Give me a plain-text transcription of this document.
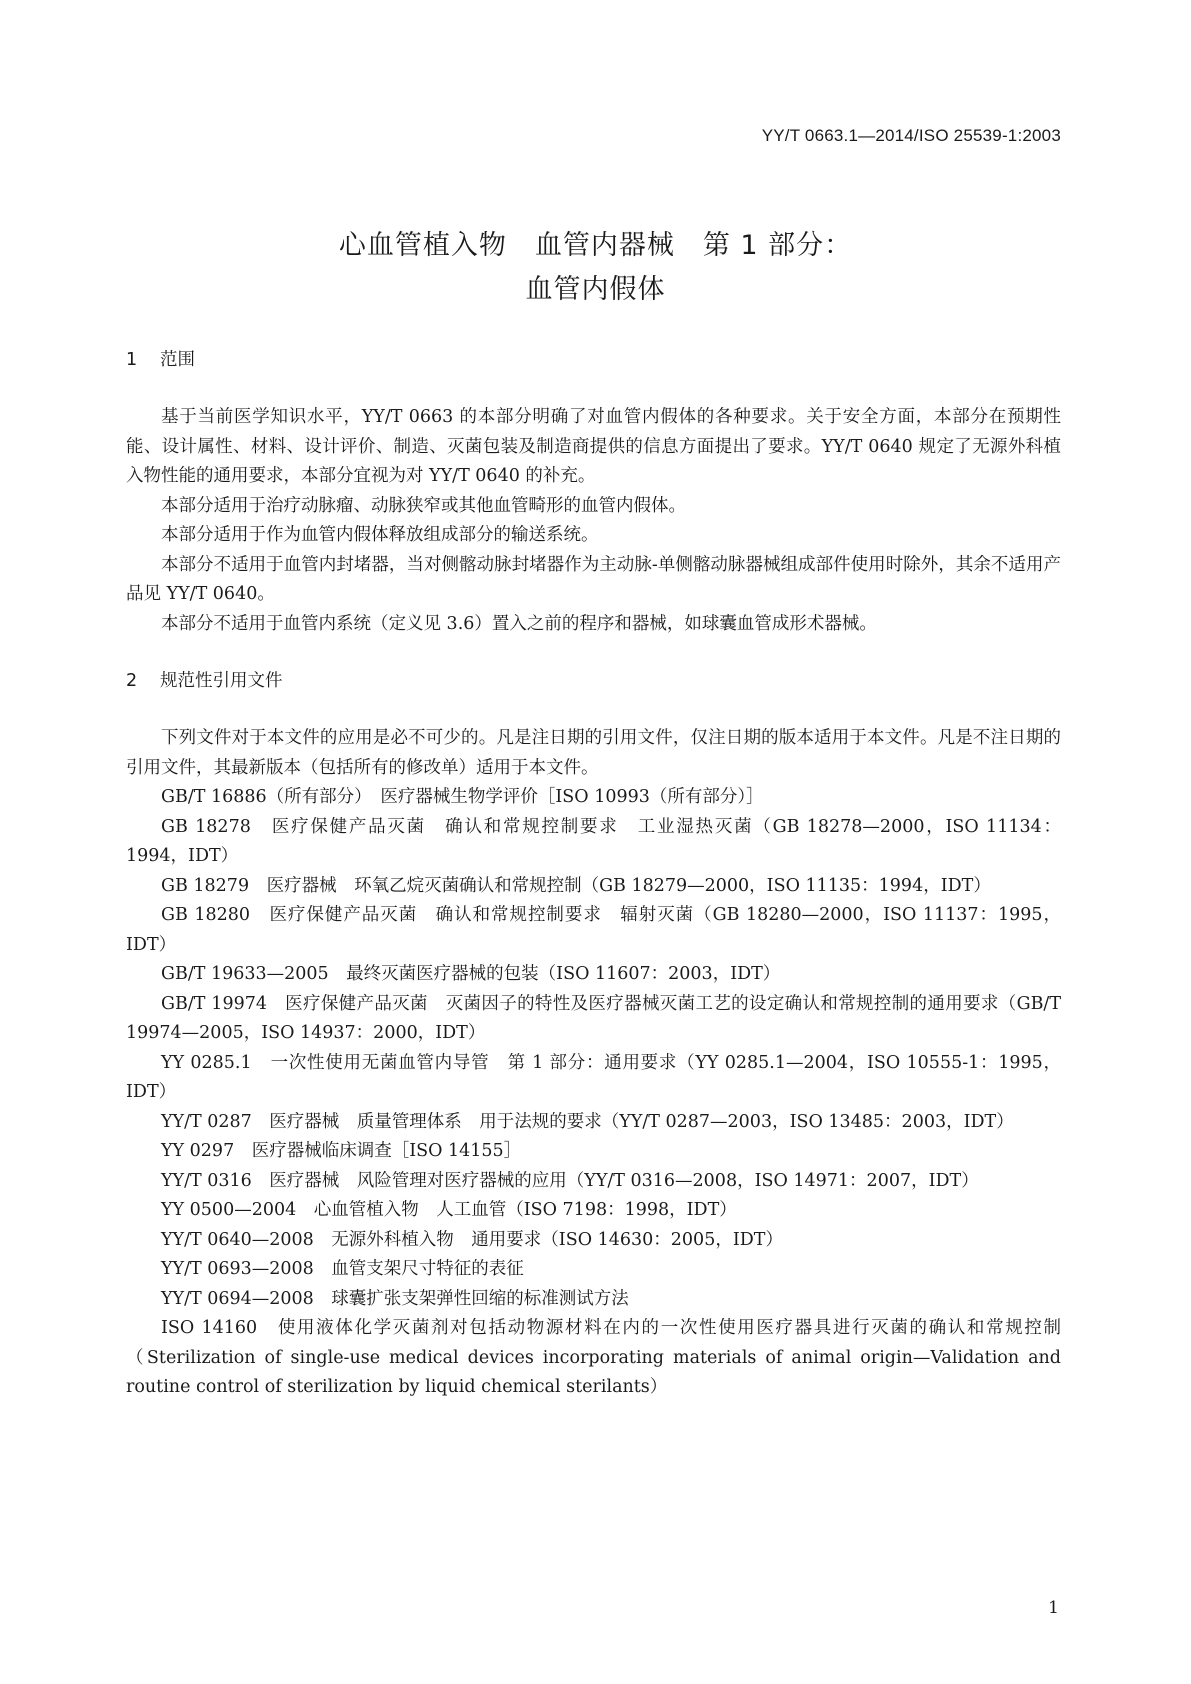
YY/T 0663.1—2014/ISO 25539-1:2003
心血管植入物　血管内器械　第 1 部分：
血管内假体
1 范围

基于当前医学知识水平，YY/T 0663 的本部分明确了对血管内假体的各种要求。关于安全方面，本部分在预期性能、设计属性、材料、设计评价、制造、灭菌包装及制造商提供的信息方面提出了要求。YY/T 0640 规定了无源外科植入物性能的通用要求，本部分宜视为对 YY/T 0640 的补充。

本部分适用于治疗动脉瘤、动脉狭窄或其他血管畸形的血管内假体。

本部分适用于作为血管内假体释放组成部分的输送系统。

本部分不适用于血管内封堵器，当对侧髂动脉封堵器作为主动脉-单侧髂动脉器械组成部件使用时除外，其余不适用产品见 YY/T 0640。

本部分不适用于血管内系统（定义见 3.6）置入之前的程序和器械，如球囊血管成形术器械。

2 规范性引用文件

下列文件对于本文件的应用是必不可少的。凡是注日期的引用文件，仅注日期的版本适用于本文件。凡是不注日期的引用文件，其最新版本（包括所有的修改单）适用于本文件。

GB/T 16886（所有部分）　医疗器械生物学评价［ISO 10993（所有部分）］

GB 18278　医疗保健产品灭菌　确认和常规控制要求　工业湿热灭菌（GB 18278—2000，ISO 11134：1994，IDT）

GB 18279　医疗器械　环氧乙烷灭菌确认和常规控制（GB 18279—2000，ISO 11135：1994，IDT）

GB 18280　医疗保健产品灭菌　确认和常规控制要求　辐射灭菌（GB 18280—2000，ISO 11137：1995，IDT）

GB/T 19633—2005　最终灭菌医疗器械的包装（ISO 11607：2003，IDT）

GB/T 19974　医疗保健产品灭菌　灭菌因子的特性及医疗器械灭菌工艺的设定确认和常规控制的通用要求（GB/T 19974—2005，ISO 14937：2000，IDT）

YY 0285.1　一次性使用无菌血管内导管　第 1 部分：通用要求（YY 0285.1—2004，ISO 10555-1：1995，IDT）

YY/T 0287　医疗器械　质量管理体系　用于法规的要求（YY/T 0287—2003，ISO 13485：2003，IDT）

YY 0297　医疗器械临床调查［ISO 14155］

YY/T 0316　医疗器械　风险管理对医疗器械的应用（YY/T 0316—2008，ISO 14971：2007，IDT）

YY 0500—2004　心血管植入物　人工血管（ISO 7198：1998，IDT）

YY/T 0640—2008　无源外科植入物　通用要求（ISO 14630：2005，IDT）

YY/T 0693—2008　血管支架尺寸特征的表征

YY/T 0694—2008　球囊扩张支架弹性回缩的标准测试方法

ISO 14160　使用液体化学灭菌剂对包括动物源材料在内的一次性使用医疗器具进行灭菌的确认和常规控制（Sterilization of single-use medical devices incorporating materials of animal origin—Validation and routine control of sterilization by liquid chemical sterilants）

1
